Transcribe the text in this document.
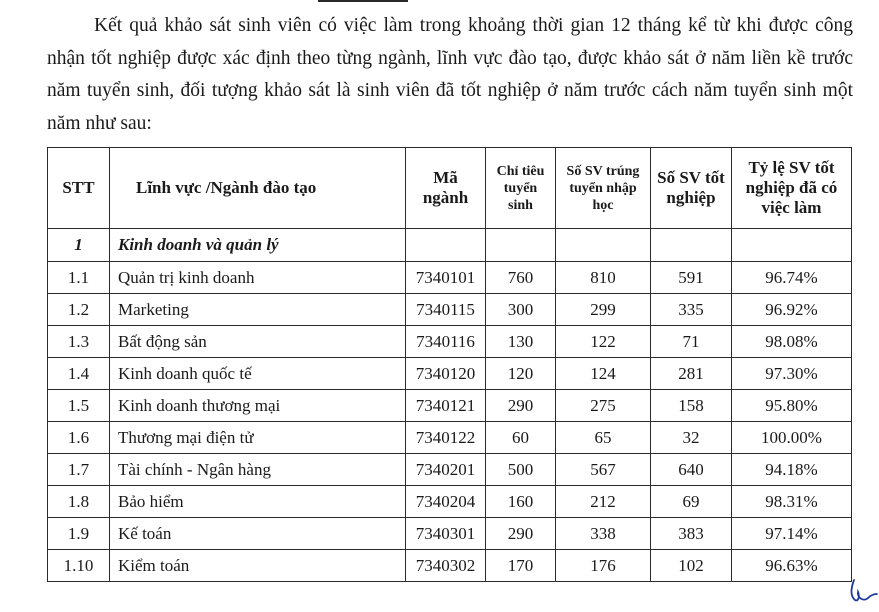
Kết quả khảo sát sinh viên có việc làm trong khoảng thời gian 12 tháng kể từ khi được công nhận tốt nghiệp được xác định theo từng ngành, lĩnh vực đào tạo, được khảo sát ở năm liền kề trước năm tuyển sinh, đối tượng khảo sát là sinh viên đã tốt nghiệp ở năm trước cách năm tuyển sinh một năm như sau:

STT	Lĩnh vực /Ngành đào tạo	Mã ngành	Chỉ tiêu tuyển sinh	Số SV trúng tuyển nhập học	Số SV tốt nghiệp	Tỷ lệ SV tốt nghiệp đã có việc làm
1	Kinh doanh và quản lý					
1.1	Quản trị kinh doanh	7340101	760	810	591	96.74%
1.2	Marketing	7340115	300	299	335	96.92%
1.3	Bất động sản	7340116	130	122	71	98.08%
1.4	Kinh doanh quốc tế	7340120	120	124	281	97.30%
1.5	Kinh doanh thương mại	7340121	290	275	158	95.80%
1.6	Thương mại điện tử	7340122	60	65	32	100.00%
1.7	Tài chính - Ngân hàng	7340201	500	567	640	94.18%
1.8	Bảo hiểm	7340204	160	212	69	98.31%
1.9	Kế toán	7340301	290	338	383	97.14%
1.10	Kiểm toán	7340302	170	176	102	96.63%
